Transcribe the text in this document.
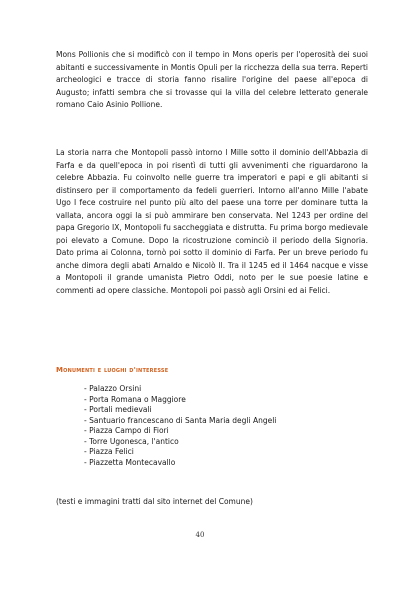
Mons Pollionis che si modificò con il tempo in Mons operis per l'operosità dei suoi abitanti e successivamente in Montis Opuli per la ricchezza della sua terra. Reperti archeologici e tracce di storia fanno risalire l'origine del paese all'epoca di Augusto; infatti sembra che si trovasse qui la villa del celebre letterato generale romano Caio Asinio Pollione.

La storia narra che Montopoli passò intorno l Mille sotto il dominio dell'Abbazia di Farfa e da quell'epoca in poi risentì di tutti gli avvenimenti che riguardarono la celebre Abbazia. Fu coinvolto nelle guerre tra imperatori e papi e gli abitanti si distinsero per il comportamento da fedeli guerrieri. Intorno all'anno Mille l'abate Ugo I fece costruire nel punto più alto del paese una torre per dominare tutta la vallata, ancora oggi la si può ammirare ben conservata. Nel 1243 per ordine del papa Gregorio IX, Montopoli fu saccheggiata e distrutta. Fu prima borgo medievale poi elevato a Comune. Dopo la ricostruzione cominciò il periodo della Signoria. Dato prima ai Colonna, tornò poi sotto il dominio di Farfa. Per un breve periodo fu anche dimora degli abati Arnaldo e Nicolò II. Tra il 1245 ed il 1464 nacque e visse a Montopoli il grande umanista Pietro Oddi, noto per le sue poesie latine e commenti ad opere classiche. Montopoli poi passò agli Orsini ed ai Felici.

Monumenti e luoghi d'interesse

- Palazzo Orsini
- Porta Romana o Maggiore
- Portali medievali
- Santuario francescano di Santa Maria degli Angeli
- Piazza Campo di Fiori
- Torre Ugonesca, l'antico
- Piazza Felici
- Piazzetta Montecavallo

(testi e immagini tratti dal sito internet del Comune)

40
